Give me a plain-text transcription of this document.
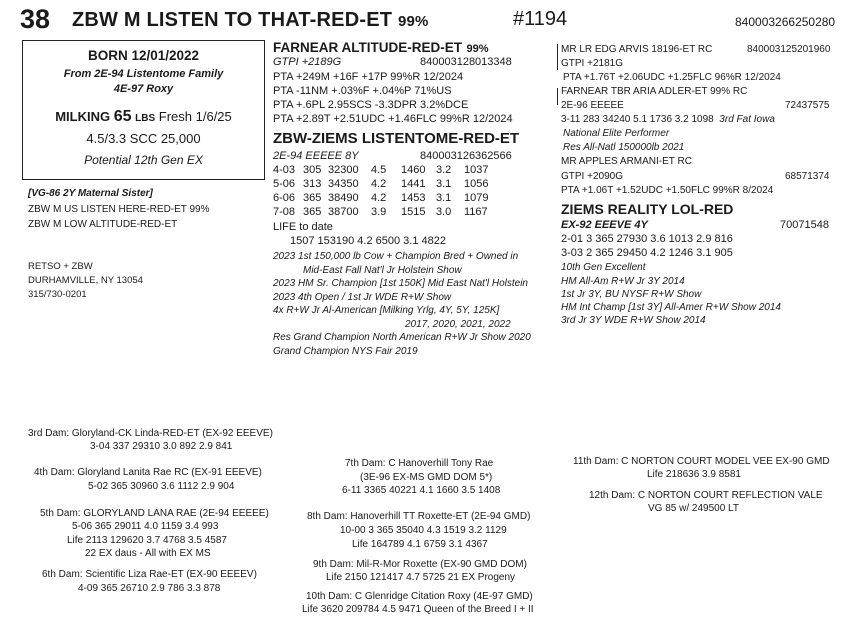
38 ZBW M LISTEN TO THAT-RED-ET 99%	#1194	840003266250280
BORN 12/01/2022
From 2E-94 Listentome Family
4E-97 Roxy
MILKING 65 LBS Fresh 1/6/25
4.5/3.3 SCC 25,000
Potential 12th Gen EX
[VG-86 2Y Maternal Sister]
ZBW M US LISTEN HERE-RED-ET 99%
ZBW M LOW ALTITUDE-RED-ET
RETSO + ZBW
DURHAMVILLE, NY 13054
315/730-0201
FARNEAR ALTITUDE-RED-ET 99%
GTPI +2189G	840003128013348
PTA +249M +16F +17P 99%R 12/2024
PTA -11NM +.03%F +.04%P 71%US
PTA +.6PL 2.95SCS -3.3DPR 3.2%DCE
PTA +2.89T +2.51UDC +1.46FLC 99%R 12/2024
ZBW-ZIEMS LISTENTOME-RED-ET
2E-94 EEEEE 8Y	840003126362566
4-03 305 32300 4.5 1460 3.2 1037
5-06 313 34350 4.2 1441 3.1 1056
6-06 365 38490 4.2 1453 3.1 1079
7-08 365 38700 3.9 1515 3.0 1167
LIFE to date
1507 153190 4.2 6500 3.1 4822
2023 1st 150,000 lb Cow + Champion Bred + Owned in
Mid-East Fall Nat'l Jr Holstein Show
2023 HM Sr. Champion [1st 150K] Mid East Nat'l Holstein
2023 4th Open / 1st Jr WDE R+W Show
4x R+W Jr Al-American [Milking Yrlg, 4Y, 5Y, 125K]
2017, 2020, 2021, 2022
Res Grand Champion North American R+W Jr Show 2020
Grand Champion NYS Fair 2019
MR LR EDG ARVIS 18196-ET RC	840003125201960
GTPI +2181G
PTA +1.76T +2.06UDC +1.25FLC 96%R 12/2024
FARNEAR TBR ARIA ADLER-ET 99% RC
2E-96 EEEEE	72437575
3-11 283 34240 5.1 1736 3.2 1098 3rd Fat Iowa
National Elite Performer
Res All-Natl 150000lb 2021
MR APPLES ARMANI-ET RC
GTPI +2090G	68571374
PTA +1.06T +1.52UDC +1.50FLC 99%R 8/2024
ZIEMS REALITY LOL-RED
EX-92 EEEVE 4Y	70071548
2-01 3 365 27930 3.6 1013 2.9 816
3-03 2 365 29450 4.2 1246 3.1 905
10th Gen Excellent
HM All-Am R+W Jr 3Y 2014
1st Jr 3Y, BU NYSF R+W Show
HM Int Champ [1st 3Y] All-Amer R+W Show 2014
3rd Jr 3Y WDE R+W Show 2014
3rd Dam: Gloryland-CK Linda-RED-ET (EX-92 EEEVE)
3-04 337 29310 3.0 892 2.9 841
4th Dam: Gloryland Lanita Rae RC (EX-91 EEEVE)
5-02 365 30960 3.6 1112 2.9 904
5th Dam: GLORYLAND LANA RAE (2E-94 EEEEE)
5-06 365 29011 4.0 1159 3.4 993
Life 2113 129620 3.7 4768 3.5 4587
22 EX daus - All with EX MS
6th Dam: Scientific Liza Rae-ET (EX-90 EEEEV)
4-09 365 26710 2.9 786 3.3 878
7th Dam: C Hanoverhill Tony Rae
(3E-96 EX-MS GMD DOM 5*)
6-11 3365 40221 4.1 1660 3.5 1408
8th Dam: Hanoverhill TT Roxette-ET (2E-94 GMD)
10-00 3 365 35040 4.3 1519 3.2 1129
Life 164789 4.1 6759 3.1 4367
9th Dam: Mil-R-Mor Roxette (EX-90 GMD DOM)
Life 2150 121417 4.7 5725 21 EX Progeny
10th Dam: C Glenridge Citation Roxy (4E-97 GMD)
Life 3620 209784 4.5 9471 Queen of the Breed I + II
11th Dam: C NORTON COURT MODEL VEE EX-90 GMD
Life 218636 3.9 8581
12th Dam: C NORTON COURT REFLECTION VALE
VG 85 w/ 249500 LT
